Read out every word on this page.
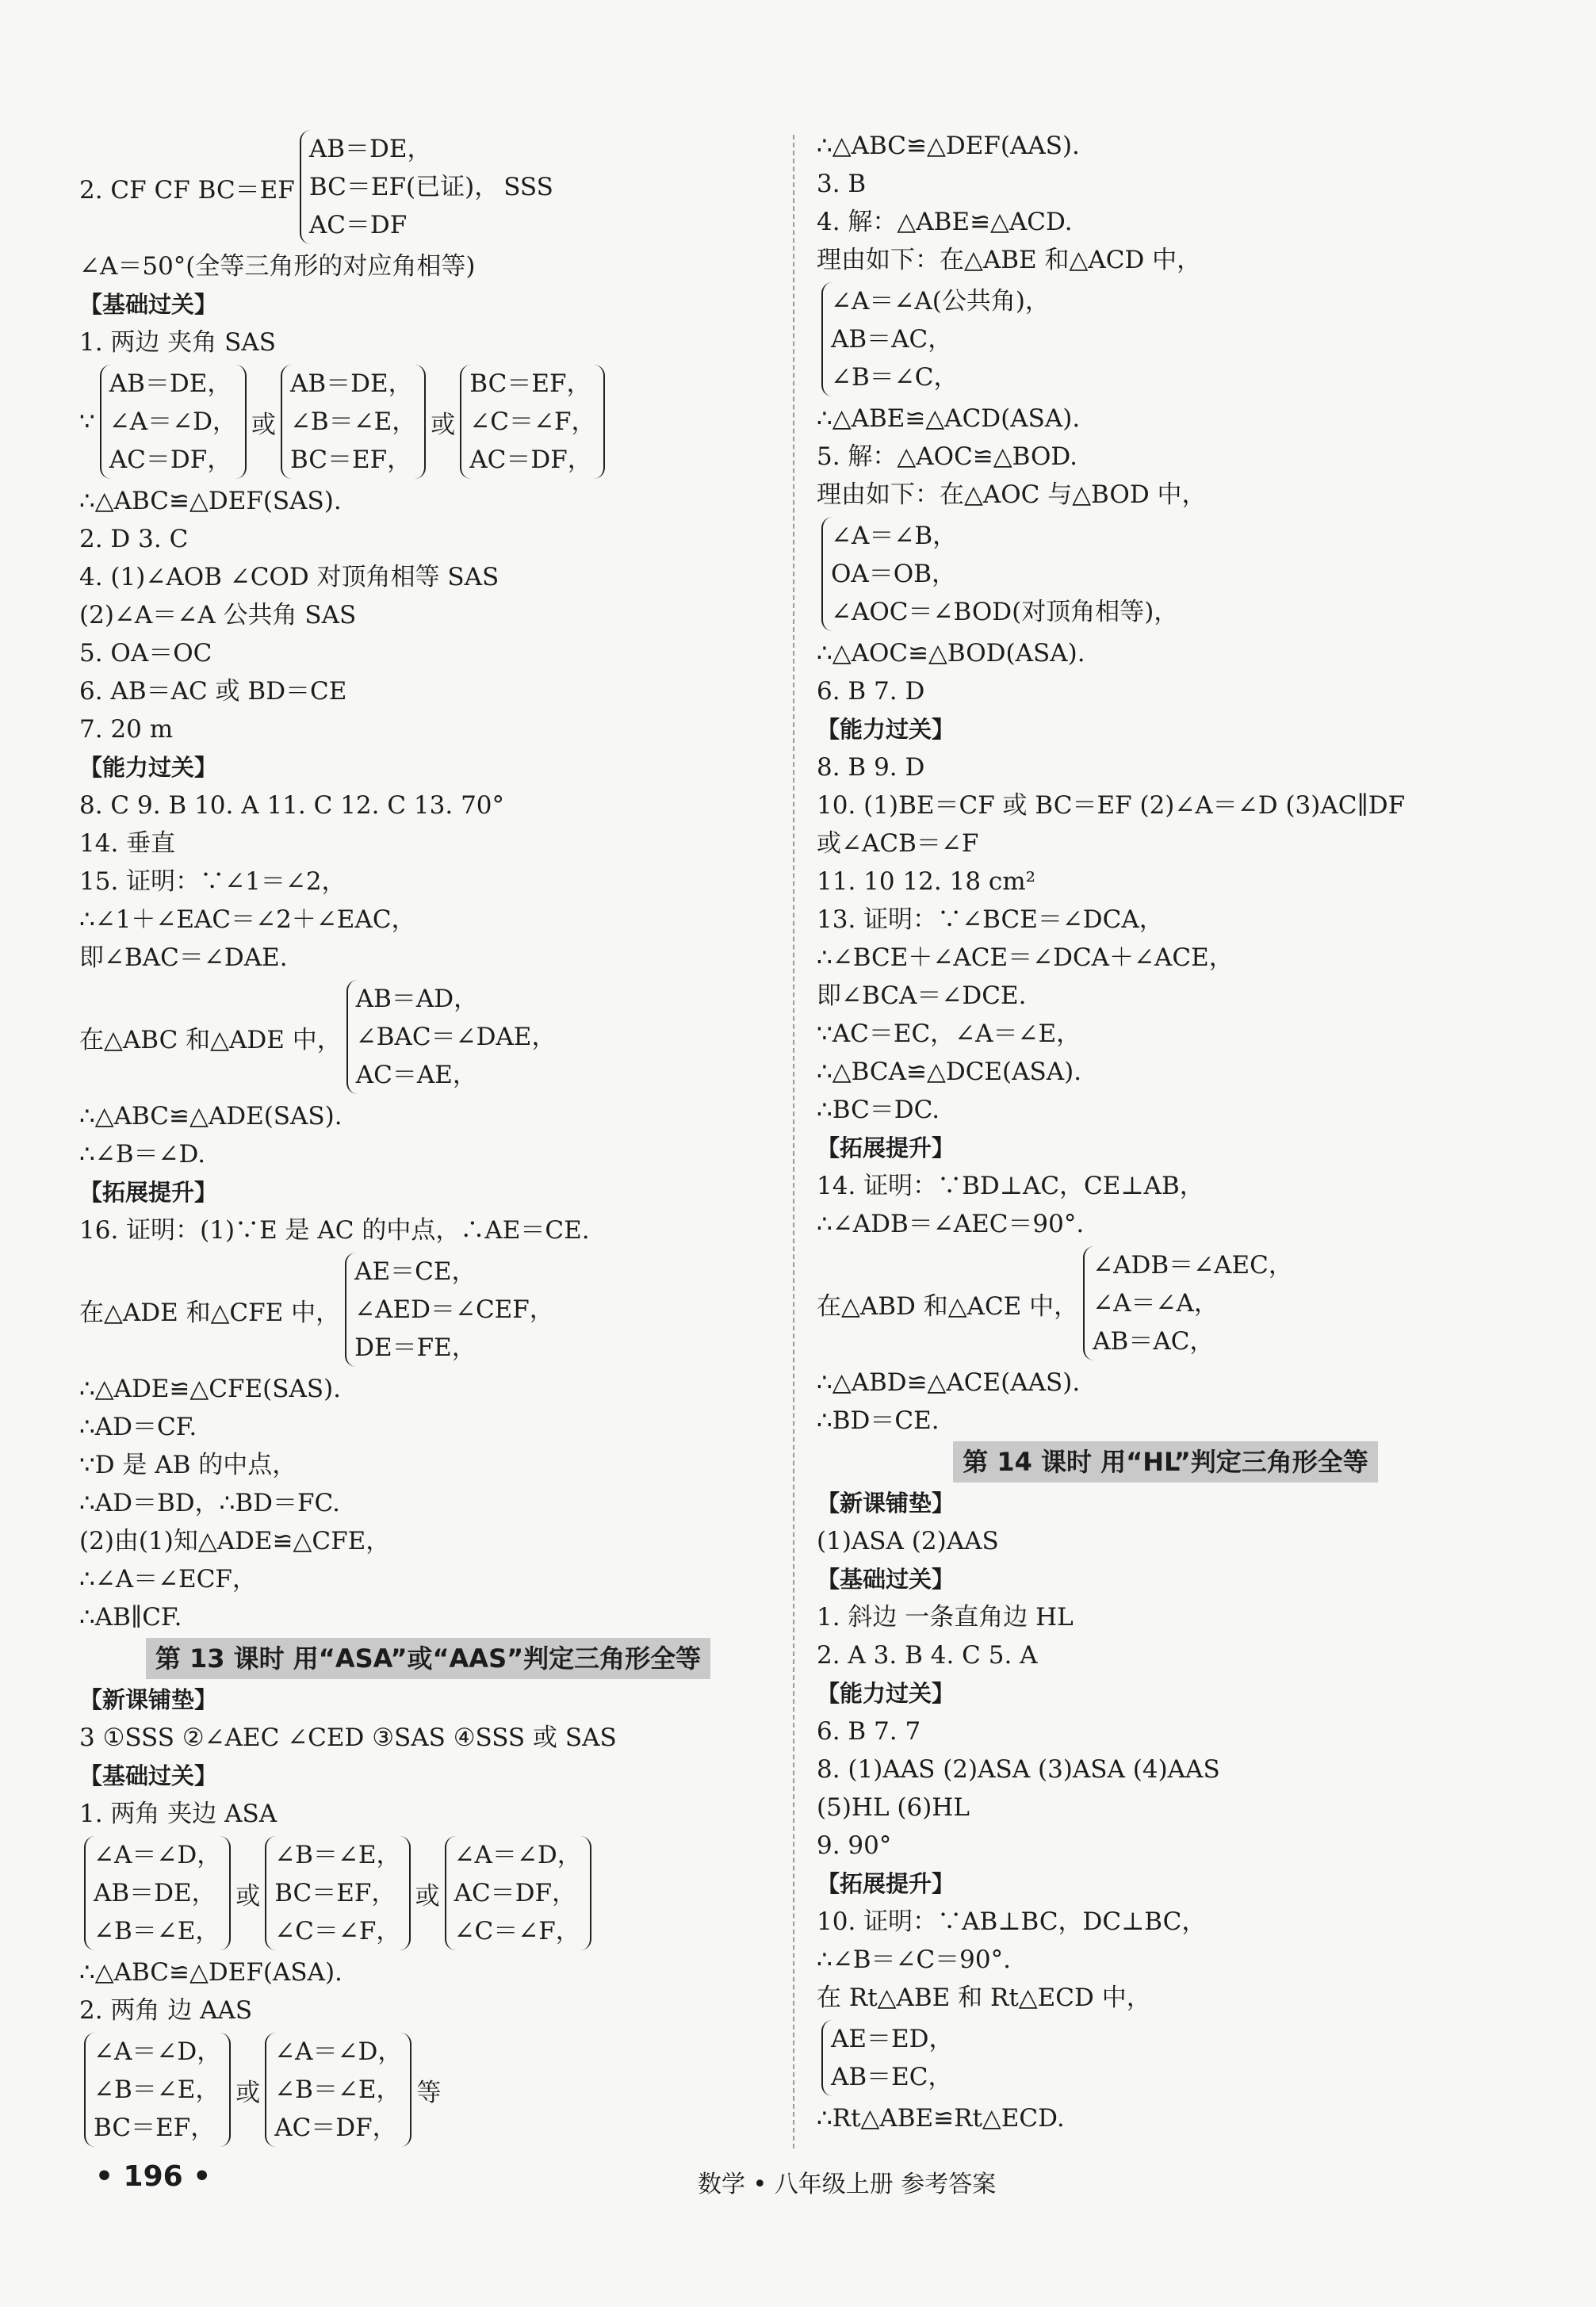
2. CF CF BC＝EF
AB＝DE，
BC＝EF(已证)，
AC＝DF
SSS
∠A＝50°(全等三角形的对应角相等)
【基础过关】
1. 两边 夹角 SAS
∵
AB＝DE，
∠A＝∠D，
AC＝DF，
或
AB＝DE，
∠B＝∠E，
BC＝EF，
或
BC＝EF，
∠C＝∠F，
AC＝DF，
∴△ABC≌△DEF(SAS).
2. D 3. C
4. (1)∠AOB ∠COD 对顶角相等 SAS
(2)∠A＝∠A 公共角 SAS
5. OA＝OC
6. AB＝AC 或 BD＝CE
7. 20 m
【能力过关】
8. C 9. B 10. A 11. C 12. C 13. 70°
14. 垂直
15. 证明：∵∠1＝∠2，
∴∠1＋∠EAC＝∠2＋∠EAC，
即∠BAC＝∠DAE.
在△ABC 和△ADE 中，
AB＝AD，
∠BAC＝∠DAE，
AC＝AE，
∴△ABC≌△ADE(SAS).
∴∠B＝∠D.
【拓展提升】
16. 证明：(1)∵E 是 AC 的中点，∴AE＝CE.
在△ADE 和△CFE 中，
AE＝CE，
∠AED＝∠CEF，
DE＝FE，
∴△ADE≌△CFE(SAS).
∴AD＝CF.
∵D 是 AB 的中点，
∴AD＝BD，∴BD＝FC.
(2)由(1)知△ADE≌△CFE，
∴∠A＝∠ECF，
∴AB∥CF.
第 13 课时 用“ASA”或“AAS”判定三角形全等
【新课铺垫】
3 ①SSS ②∠AEC ∠CED ③SAS ④SSS 或 SAS
【基础过关】
1. 两角 夹边 ASA
∠A＝∠D，
AB＝DE，
∠B＝∠E，
或
∠B＝∠E，
BC＝EF，
∠C＝∠F，
或
∠A＝∠D，
AC＝DF，
∠C＝∠F，
∴△ABC≌△DEF(ASA).
2. 两角 边 AAS
∠A＝∠D，
∠B＝∠E，
BC＝EF，
或
∠A＝∠D，
∠B＝∠E，
AC＝DF，
等
∴△ABC≌△DEF(AAS).
3. B
4. 解：△ABE≌△ACD.
理由如下：在△ABE 和△ACD 中，
∠A＝∠A(公共角)，
AB＝AC，
∠B＝∠C，
∴△ABE≌△ACD(ASA).
5. 解：△AOC≌△BOD.
理由如下：在△AOC 与△BOD 中，
∠A＝∠B，
OA＝OB，
∠AOC＝∠BOD(对顶角相等)，
∴△AOC≌△BOD(ASA).
6. B 7. D
【能力过关】
8. B 9. D
10. (1)BE＝CF 或 BC＝EF (2)∠A＝∠D (3)AC∥DF
或∠ACB＝∠F
11. 10 12. 18 cm²
13. 证明：∵∠BCE＝∠DCA，
∴∠BCE＋∠ACE＝∠DCA＋∠ACE，
即∠BCA＝∠DCE.
∵AC＝EC，∠A＝∠E，
∴△BCA≌△DCE(ASA).
∴BC＝DC.
【拓展提升】
14. 证明：∵BD⊥AC，CE⊥AB，
∴∠ADB＝∠AEC＝90°.
在△ABD 和△ACE 中，
∠ADB＝∠AEC，
∠A＝∠A，
AB＝AC，
∴△ABD≌△ACE(AAS).
∴BD＝CE.
第 14 课时 用“HL”判定三角形全等
【新课铺垫】
(1)ASA (2)AAS
【基础过关】
1. 斜边 一条直角边 HL
2. A 3. B 4. C 5. A
【能力过关】
6. B 7. 7
8. (1)AAS (2)ASA (3)ASA (4)AAS
(5)HL (6)HL
9. 90°
【拓展提升】
10. 证明：∵AB⊥BC，DC⊥BC，
∴∠B＝∠C＝90°.
在 Rt△ABE 和 Rt△ECD 中，
AE＝ED，
AB＝EC，
∴Rt△ABE≌Rt△ECD.
• 196 •	数学 • 八年级上册 参考答案
